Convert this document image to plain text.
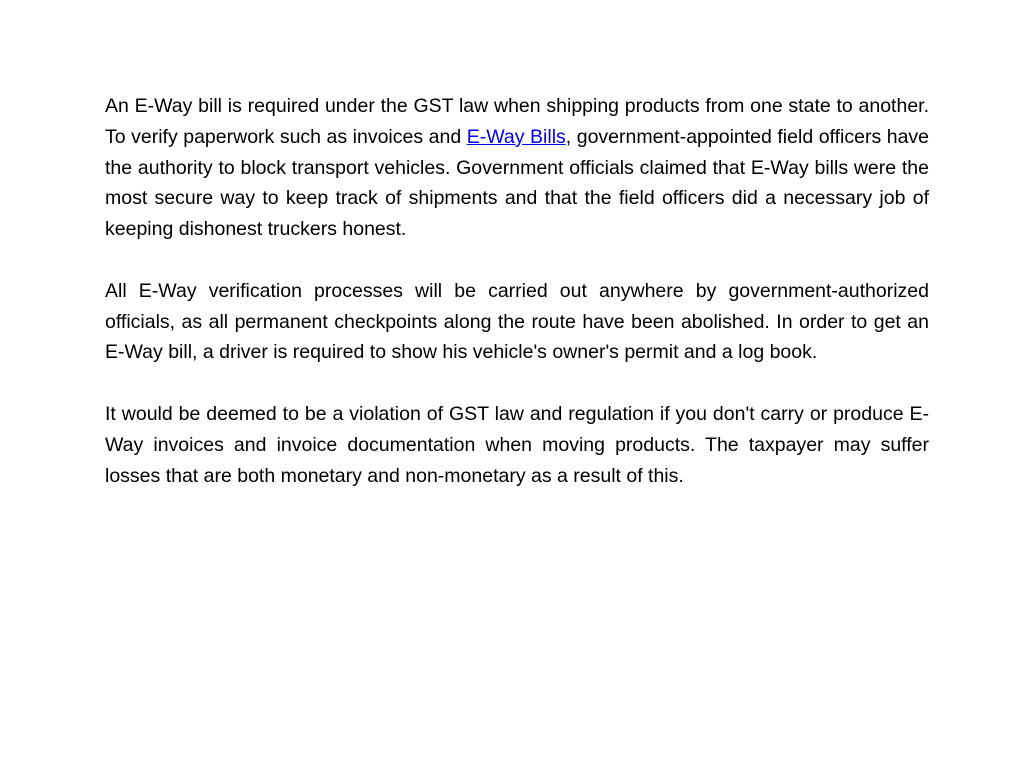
An E-Way bill is required under the GST law when shipping products from one state to another. To verify paperwork such as invoices and E-Way Bills, government-appointed field officers have the authority to block transport vehicles. Government officials claimed that E-Way bills were the most secure way to keep track of shipments and that the field officers did a necessary job of keeping dishonest truckers honest.

All E-Way verification processes will be carried out anywhere by government-authorized officials, as all permanent checkpoints along the route have been abolished. In order to get an E-Way bill, a driver is required to show his vehicle's owner's permit and a log book.

It would be deemed to be a violation of GST law and regulation if you don't carry or produce E-Way invoices and invoice documentation when moving products. The taxpayer may suffer losses that are both monetary and non-monetary as a result of this.
